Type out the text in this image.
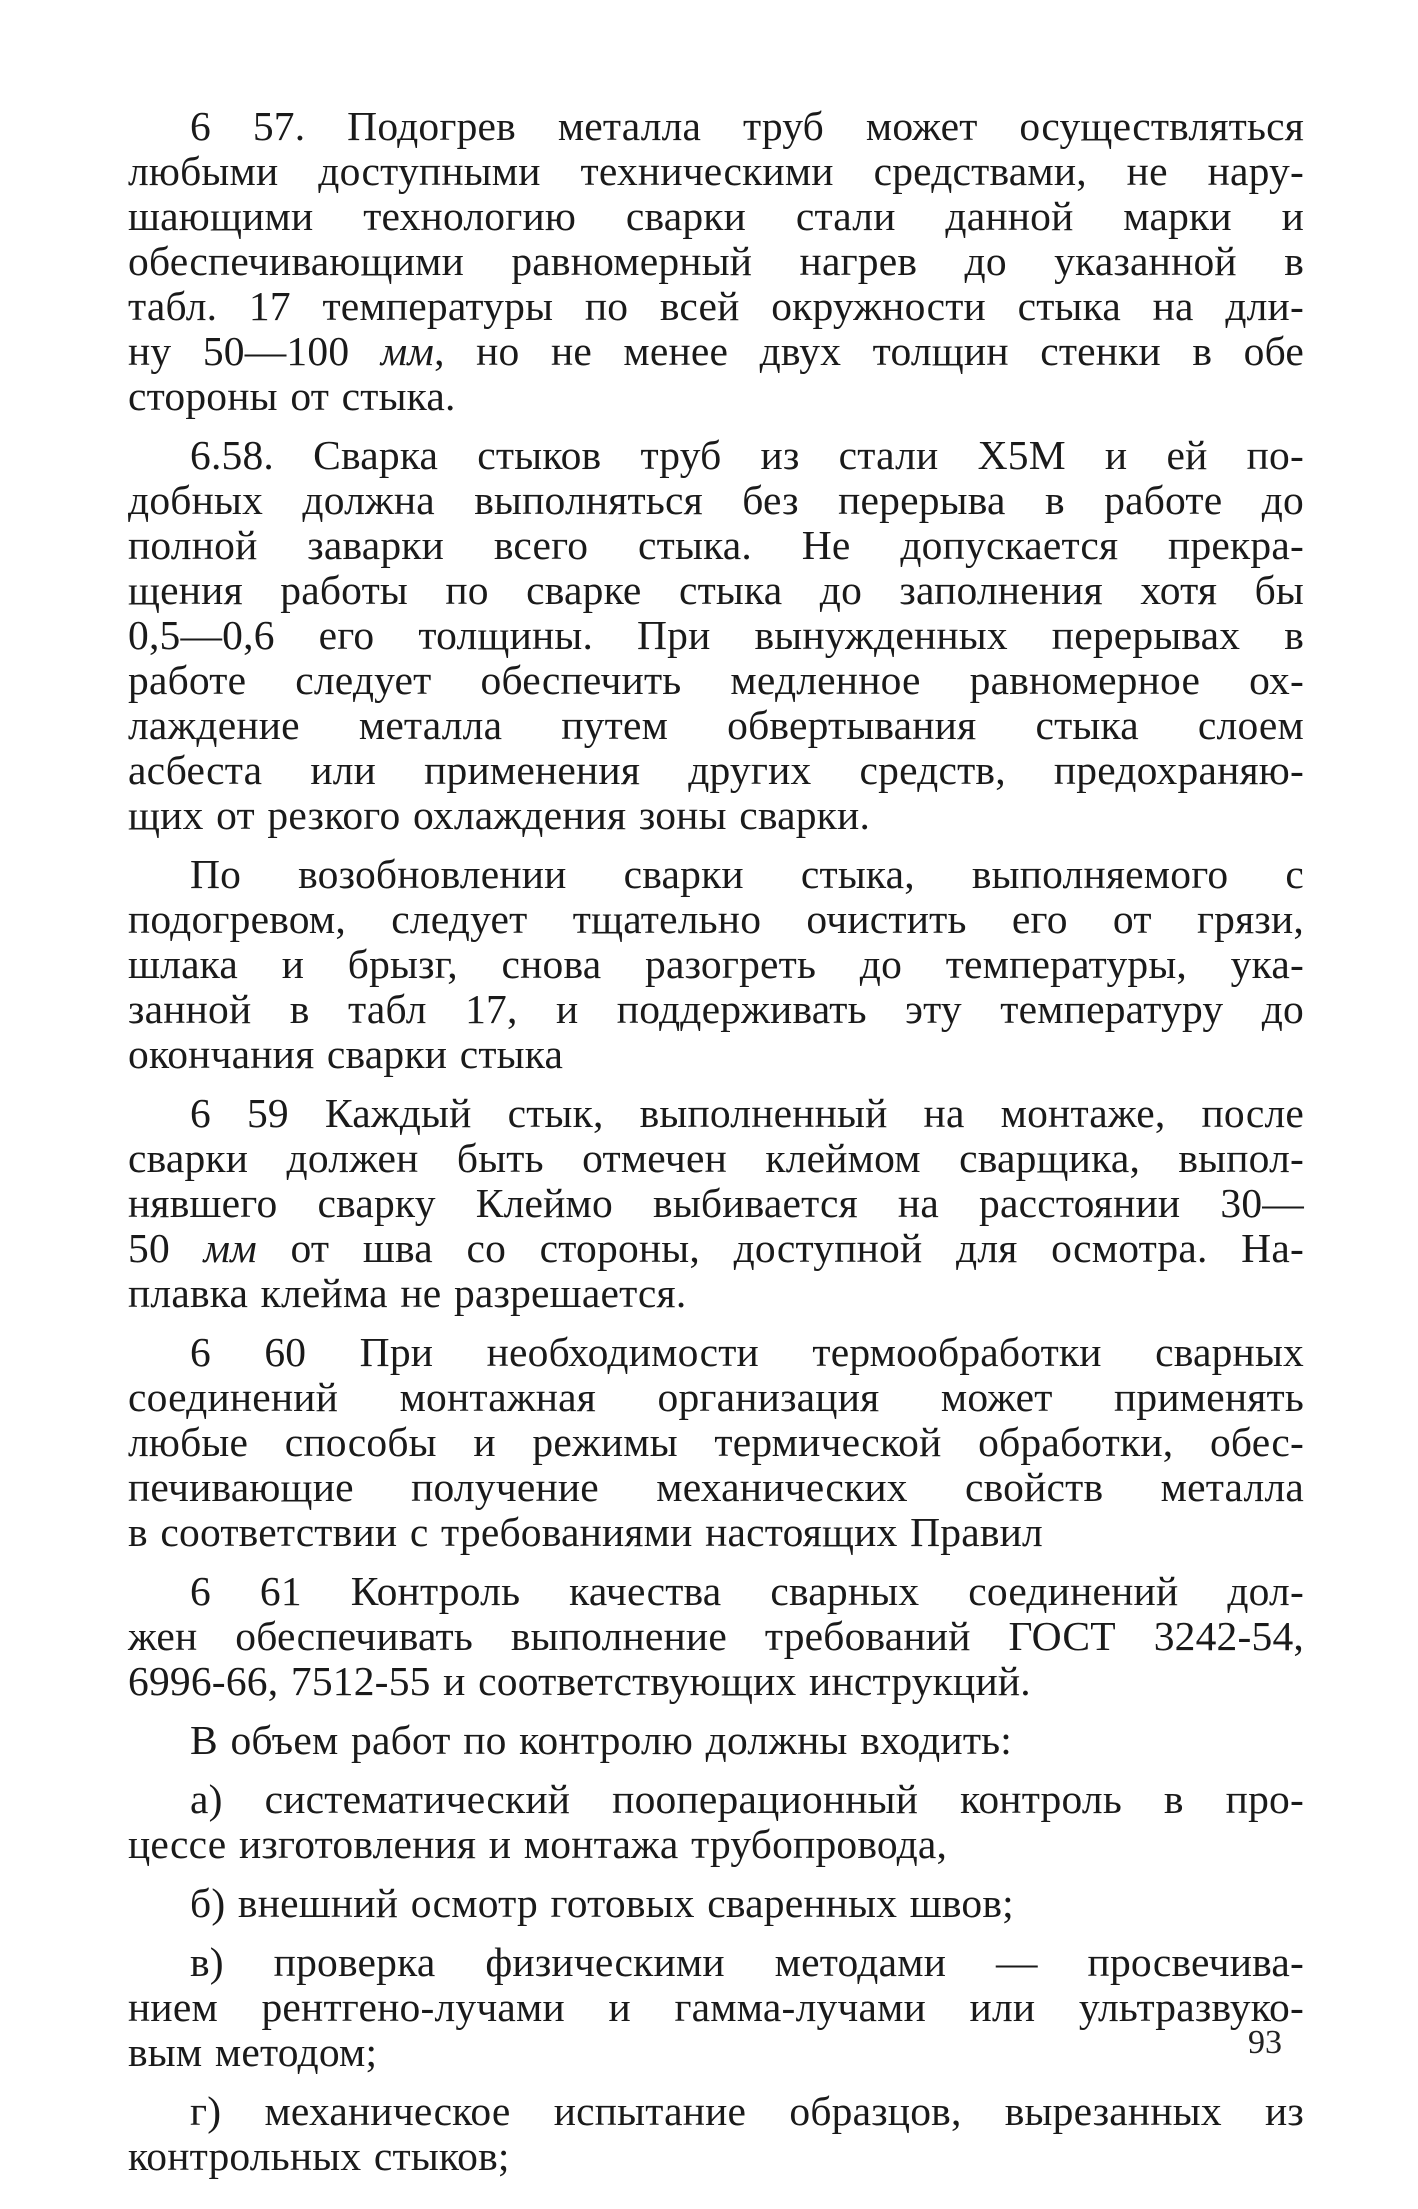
6 57. Подогрев металла труб может осуществляться
любыми доступными техническими средствами, не нару-
шающими технологию сварки стали данной марки и
обеспечивающими равномерный нагрев до указанной в
табл. 17 температуры по всей окружности стыка на дли-
ну 50—100 мм, но не менее двух толщин стенки в обе
стороны от стыка.

6.58. Сварка стыков труб из стали Х5М и ей по-
добных должна выполняться без перерыва в работе до
полной заварки всего стыка. Не допускается прекра-
щения работы по сварке стыка до заполнения хотя бы
0,5—0,6 его толщины. При вынужденных перерывах в
работе следует обеспечить медленное равномерное ох-
лаждение металла путем обвертывания стыка слоем
асбеста или применения других средств, предохраняю-
щих от резкого охлаждения зоны сварки.

По возобновлении сварки стыка, выполняемого с
подогревом, следует тщательно очистить его от грязи,
шлака и брызг, снова разогреть до температуры, ука-
занной в табл 17, и поддерживать эту температуру до
окончания сварки стыка

6 59 Каждый стык, выполненный на монтаже, после
сварки должен быть отмечен клеймом сварщика, выпол-
нявшего сварку Клеймо выбивается на расстоянии 30—
50 мм от шва со стороны, доступной для осмотра. На-
плавка клейма не разрешается.

6 60 При необходимости термообработки сварных
соединений монтажная организация может применять
любые способы и режимы термической обработки, обес-
печивающие получение механических свойств металла
в соответствии с требованиями настоящих Правил

6 61 Контроль качества сварных соединений дол-
жен обеспечивать выполнение требований ГОСТ 3242-54,
6996-66, 7512-55 и соответствующих инструкций.

В объем работ по контролю должны входить:

а) систематический пооперационный контроль в про-
цессе изготовления и монтажа трубопровода,

б) внешний осмотр готовых сваренных швов;

в) проверка физическими методами — просвечива-
нием рентгено-лучами и гамма-лучами или ультразвуко-
вым методом;

г) механическое испытание образцов, вырезанных из
контрольных стыков;

93
